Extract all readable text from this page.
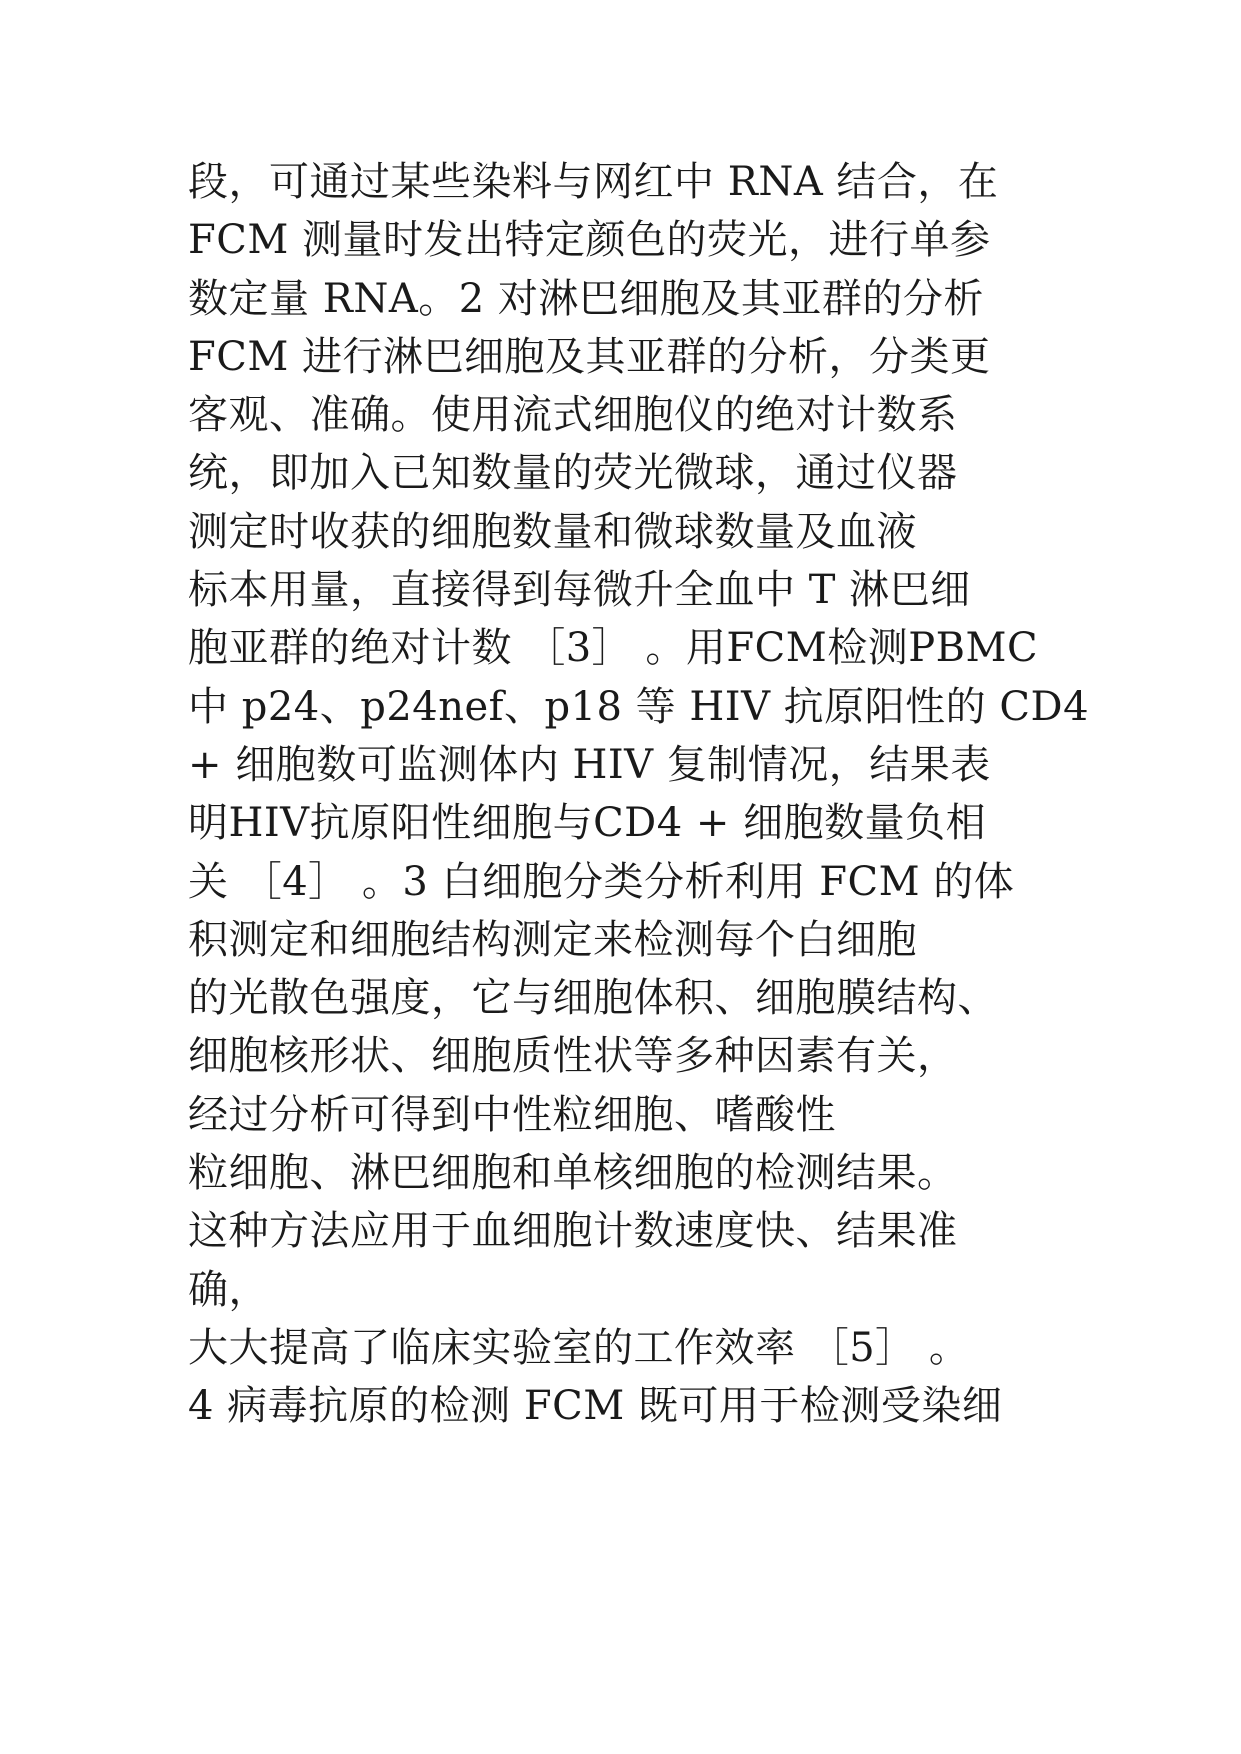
段，可通过某些染料与网红中 RNA 结合，在
FCM 测量时发出特定颜色的荧光，进行单参
数定量 RNA。2 对淋巴细胞及其亚群的分析
FCM 进行淋巴细胞及其亚群的分析，分类更
客观、准确。使用流式细胞仪的绝对计数系
统，即加入已知数量的荧光微球，通过仪器
测定时收获的细胞数量和微球数量及血液
标本用量，直接得到每微升全血中 T 淋巴细
胞亚群的绝对计数 ［3］ 。用FCM检测PBMC
中 p24、p24nef、p18 等 HIV 抗原阳性的 CD4
+ 细胞数可监测体内 HIV 复制情况，结果表
明HIV抗原阳性细胞与CD4 + 细胞数量负相
关 ［4］ 。3 白细胞分类分析利用 FCM 的体
积测定和细胞结构测定来检测每个白细胞
的光散色强度，它与细胞体积、细胞膜结构、
细胞核形状、细胞质性状等多种因素有关，
经过分析可得到中性粒细胞、嗜酸性
粒细胞、淋巴细胞和单核细胞的检测结果。
这种方法应用于血细胞计数速度快、结果准
确，
大大提高了临床实验室的工作效率 ［5］ 。
4 病毒抗原的检测 FCM 既可用于检测受染细
